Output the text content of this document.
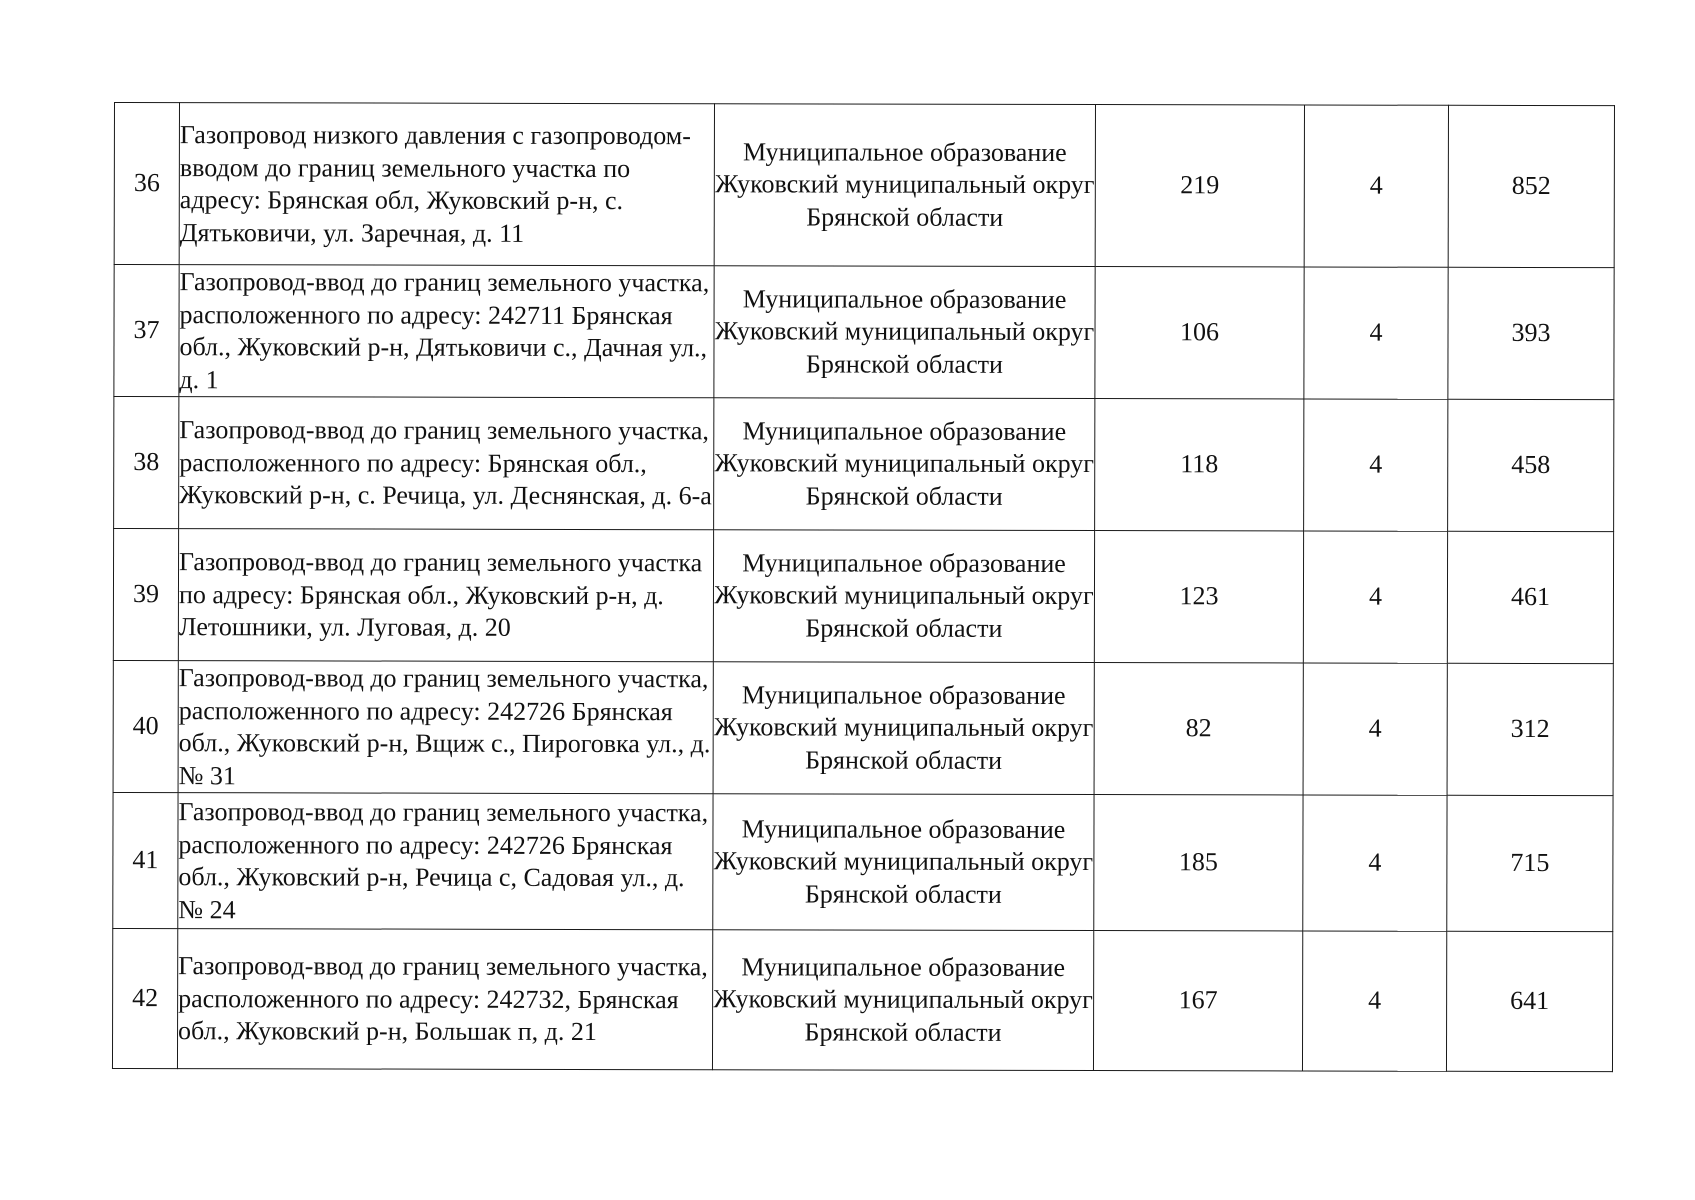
36	Газопровод низкого давления с газопроводом-вводом до границ земельного участка по адресу: Брянская обл, Жуковский р-н, с. Дятьковичи, ул. Заречная, д. 11	Муниципальное образование Жуковский муниципальный округ Брянской области	219	4	852
37	Газопровод-ввод до границ земельного участка, расположенного по адресу: 242711 Брянская обл., Жуковский р-н, Дятьковичи с., Дачная ул., д. 1	Муниципальное образование Жуковский муниципальный округ Брянской области	106	4	393
38	Газопровод-ввод до границ земельного участка, расположенного по адресу: Брянская обл., Жуковский р-н, с. Речица, ул. Деснянская, д. 6-а	Муниципальное образование Жуковский муниципальный округ Брянской области	118	4	458
39	Газопровод-ввод до границ земельного участка по адресу: Брянская обл., Жуковский р-н, д. Летошники, ул. Луговая, д. 20	Муниципальное образование Жуковский муниципальный округ Брянской области	123	4	461
40	Газопровод-ввод до границ земельного участка, расположенного по адресу: 242726 Брянская обл., Жуковский р-н, Вщиж с., Пироговка ул., д. № 31	Муниципальное образование Жуковский муниципальный округ Брянской области	82	4	312
41	Газопровод-ввод до границ земельного участка, расположенного по адресу: 242726 Брянская обл., Жуковский р-н, Речица с, Садовая ул., д. № 24	Муниципальное образование Жуковский муниципальный округ Брянской области	185	4	715
42	Газопровод-ввод до границ земельного участка, расположенного по адресу: 242732, Брянская обл., Жуковский р-н, Большак п, д. 21	Муниципальное образование Жуковский муниципальный округ Брянской области	167	4	641
